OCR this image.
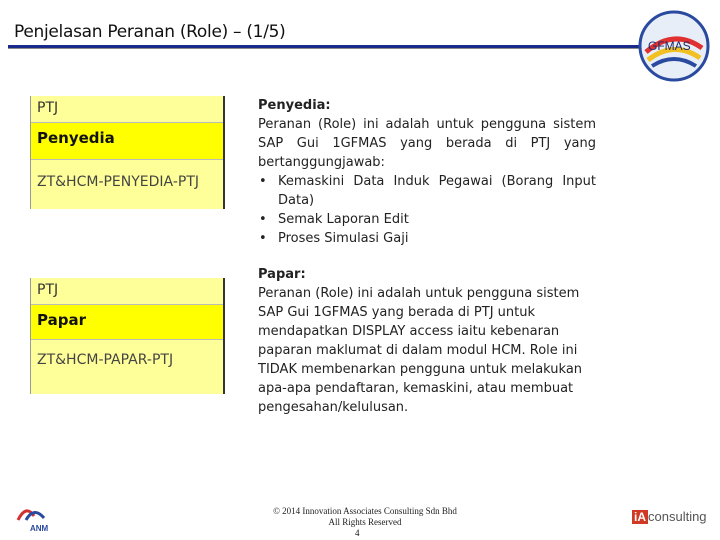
Penjelasan Peranan (Role) – (1/5)
GFMAS
PTJ
Penyedia
ZT&HCM-PENYEDIA-PTJ
PTJ
Papar
ZT&HCM-PAPAR-PTJ
Penyedia:

Peranan (Role) ini adalah untuk pengguna sistem SAP Gui 1GFMAS yang berada di PTJ yang bertanggungjawab:

• Kemaskini Data Induk Pegawai (Borang Input Data)
• Semak Laporan Edit
• Proses Simulasi Gaji
Papar:

Peranan (Role) ini adalah untuk pengguna sistem SAP Gui 1GFMAS yang berada di PTJ untuk mendapatkan DISPLAY access iaitu kebenaran paparan maklumat di dalam modul HCM. Role ini TIDAK membenarkan pengguna untuk melakukan apa-apa pendaftaran, kemaskini, atau membuat pengesahan/kelulusan.

ANM
© 2014 Innovation Associates Consulting Sdn Bhd
All Rights Reserved
4
iA consulting
